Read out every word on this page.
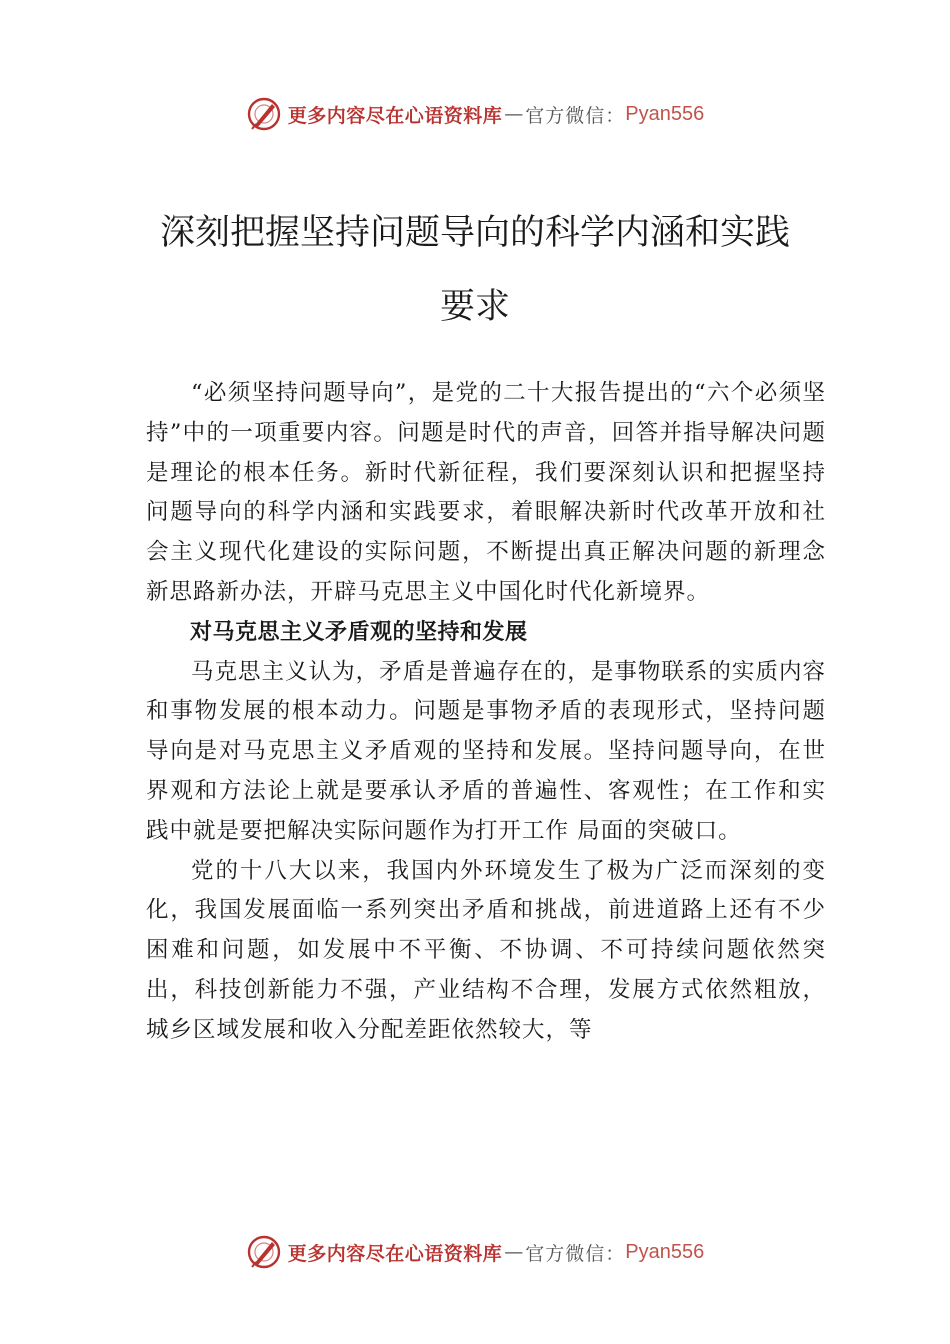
更多内容尽在心语资料库 — 官方微信： Pyan556
深刻把握坚持问题导向的科学内涵和实践要求

“必须坚持问题导向”，是党的二十大报告提出的“六个必须坚持”中的一项重要内容。问题是时代的声音，回答并指导解决问题是理论的根本任务。新时代新征程，我们要深刻认识和把握坚持问题导向的科学内涵和实践要求，着眼解决新时代改革开放和社会主义现代化建设的实际问题，不断提出真正解决问题的新理念新思路新办法，开辟马克思主义中国化时代化新境界。

对马克思主义矛盾观的坚持和发展

马克思主义认为，矛盾是普遍存在的，是事物联系的实质内容和事物发展的根本动力。问题是事物矛盾的表现形式，坚持问题导向是对马克思主义矛盾观的坚持和发展。坚持问题导向，在世界观和方法论上就是要承认矛盾的普遍性、客观性；在工作和实践中就是要把解决实际问题作为打开工作 局面的突破口。

党的十八大以来，我国内外环境发生了极为广泛而深刻的变化，我国发展面临一系列突出矛盾和挑战，前进道路上还有不少困难和问题，如发展中不平衡、不协调、不可持续问题依然突出，科技创新能力不强，产业结构不合理，发展方式依然粗放，城乡区域发展和收入分配差距依然较大，等

更多内容尽在心语资料库 — 官方微信： Pyan556
